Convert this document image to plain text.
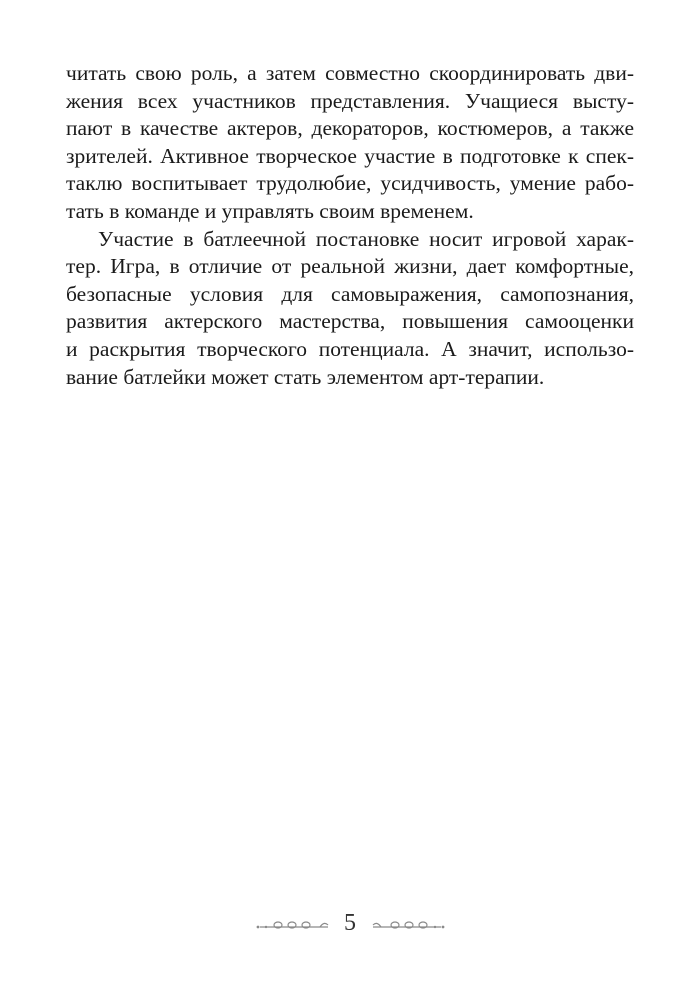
читать свою роль, а затем совместно скоординировать дви-
жения всех участников представления. Учащиеся высту-
пают в качестве актеров, декораторов, костюмеров, а также
зрителей. Активное творческое участие в подготовке к спек-
таклю воспитывает трудолюбие, усидчивость, умение рабо-
тать в команде и управлять своим временем.
Участие в батлеечной постановке носит игровой харак-
тер. Игра, в отличие от реальной жизни, дает комфортные,
безопасные условия для самовыражения, самопознания,
развития актерского мастерства, повышения самооценки
и раскрытия творческого потенциала. А значит, использо-
вание батлейки может стать элементом арт-терапии.
5
